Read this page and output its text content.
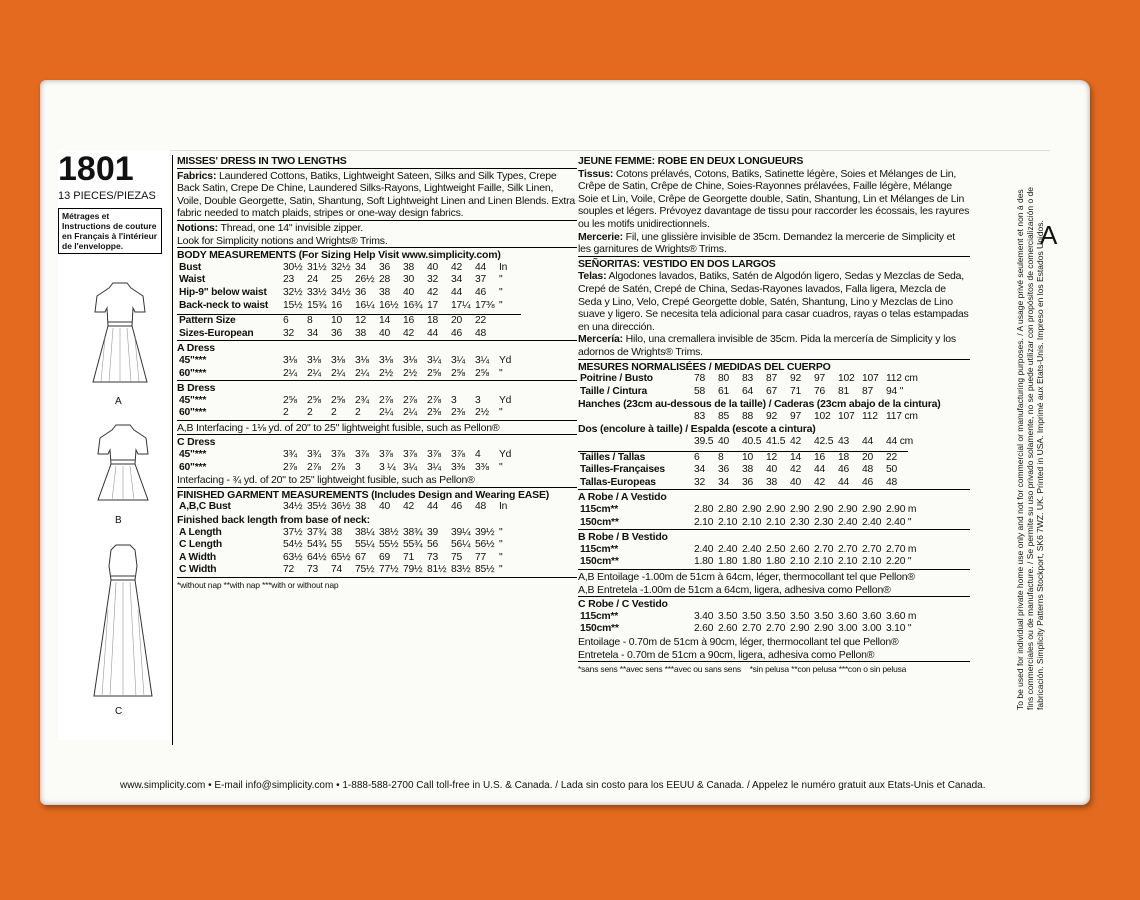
1801

13 PIECES/PIEZAS
Métrages et Instructions de couture en Français à l'intérieur de l'enveloppe.
A
B
C

MISSES' DRESS IN TWO LENGTHS

Fabrics: Laundered Cottons, Batiks, Lightweight Sateen, Silks and Silk Types, Crepe Back Satin, Crepe De Chine, Laundered Silks-Rayons, Lightweight Faille, Silk Linen, Voile, Double Georgette, Satin, Shantung, Soft Lightweight Linen and Linen Blends. Extra fabric needed to match plaids, stripes or one-way design fabrics.

Notions: Thread, one 14" invisible zipper.

Look for Simplicity notions and Wrights® Trims.

BODY MEASUREMENTS (For Sizing Help Visit www.simplicity.com)

Bust	30½	31½	32½	34	36	38	40	42	44	In
Waist	23	24	25	26½	28	30	32	34	37	"
Hip-9" below waist	32½	33½	34½	36	38	40	42	44	46	"
Back-neck to waist	15½	15¾	16	16¼	16½	16¾	17	17¼	17⅜	"
Pattern Size	6	8	10	12	14	16	18	20	22	
Sizes-European	32	34	36	38	40	42	44	46	48	

A Dress

45"***	3⅛	3⅛	3⅛	3⅛	3⅛	3⅛	3¼	3¼	3¼	Yd
60"***	2¼	2¼	2¼	2¼	2½	2½	2⅝	2⅝	2⅝	"

B Dress

45"***	2⅝	2⅝	2⅝	2¾	2⅞	2⅞	2⅞	3	3	Yd
60"***	2	2	2	2	2¼	2¼	2⅜	2⅜	2½	"

A,B Interfacing - 1⅛ yd. of 20" to 25" lightweight fusible, such as Pellon®

C Dress

45"***	3¾	3¾	3⅞	3⅞	3⅞	3⅞	3⅞	3⅞	4	Yd
60"***	2⅞	2⅞	2⅞	3	3 ¼	3¼	3¼	3⅜	3⅜	"

Interfacing - ¾ yd. of 20" to 25" lightweight fusible, such as Pellon®

FINISHED GARMENT MEASUREMENTS (Includes Design and Wearing EASE)

A,B,C Bust	34½	35½	36½	38	40	42	44	46	48	In

Finished back length from base of neck:

A Length	37½	37¾	38	38¼	38½	38¾	39	39¼	39½	"
C Length	54½	54¾	55	55¼	55½	55¾	56	56¼	56½	"
A Width	63½	64½	65½	67	69	71	73	75	77	"
C Width	72	73	74	75½	77½	79½	81½	83½	85½	"

*without nap **with nap ***with or without nap

JEUNE FEMME: ROBE EN DEUX LONGUEURS

Tissus: Cotons prélavés, Cotons, Batiks, Satinette légère, Soies et Mélanges de Lin, Crêpe de Satin, Crêpe de Chine, Soies-Rayonnes prélavées, Faille légère, Mélange Soie et Lin, Voile, Crêpe de Georgette double, Satin, Shantung, Lin et Mélanges de Lin souples et légers. Prévoyez davantage de tissu pour raccorder les écossais, les rayures ou les motifs unidirectionnels.

Mercerie: Fil, une glissière invisible de 35cm. Demandez la mercerie de Simplicity et les garnitures de Wrights® Trims.

SEÑORITAS: VESTIDO EN DOS LARGOS

Telas: Algodones lavados, Batiks, Satén de Algodón ligero, Sedas y Mezclas de Seda, Crepé de Satén, Crepé de China, Sedas-Rayones lavados, Falla ligera, Mezcla de Seda y Lino, Velo, Crepé Georgette doble, Satén, Shantung, Lino y Mezclas de Lino suave y ligero. Se necesita tela adicional para casar cuadros, rayas o telas estampadas en una dirección.

Mercería: Hilo, una cremallera invisible de 35cm. Pida la mercería de Simplicity y los adornos de Wrights® Trims.

MESURES NORMALISÉES / MEDIDAS DEL CUERPO

Poitrine / Busto	78	80	83	87	92	97	102	107	112 cm
Taille / Cintura	58	61	64	67	71	76	81	87	94 "

Hanches (23cm au-dessous de la taille) / Caderas (23cm abajo de la cintura)

	83	85	88	92	97	102	107	112	117 cm

Dos (encolure à taille) / Espalda (escote a cintura)

	39.5	40	40.5	41.5	42	42.5	43	44	44 cm
Tailles / Tallas	6	8	10	12	14	16	18	20	22
Tailles-Françaises	34	36	38	40	42	44	46	48	50
Tallas-Europeas	32	34	36	38	40	42	44	46	48

A Robe / A Vestido

115cm**	2.80	2.80	2.90	2.90	2.90	2.90	2.90	2.90	2.90 m
150cm**	2.10	2.10	2.10	2.10	2.30	2.30	2.40	2.40	2.40 "

B Robe / B Vestido

115cm**	2.40	2.40	2.40	2.50	2.60	2.70	2.70	2.70	2.70 m
150cm**	1.80	1.80	1.80	1.80	2.10	2.10	2.10	2.10	2.20 "

A,B Entoilage -1.00m de 51cm à 64cm, léger, thermocollant tel que Pellon®

A,B Entretela -1.00m de 51cm a 64cm, ligera, adhesiva como Pellon®

C Robe / C Vestido

115cm**	3.40	3.50	3.50	3.50	3.50	3.50	3.60	3.60	3.60 m
150cm**	2.60	2.60	2.70	2.70	2.90	2.90	3.00	3.00	3.10 "

Entoilage - 0.70m de 51cm à 90cm, léger, thermocollant tel que Pellon®

Entretela - 0.70m de 51cm a 90cm, ligera, adhesiva como Pellon®

*sans sens **avec sens ***avec ou sans sens *sin pelusa **con pelusa ***con o sin pelusa

www.simplicity.com • E-mail info@simplicity.com • 1-888-588-2700 Call toll-free in U.S. & Canada. / Lada sin costo para los EEUU & Canada. / Appelez le numéro gratuit aux Etats-Unis et Canada.
To be used for individual private home use only and not for commercial or manufacturing purposes. / A usage privé seulement et non à des fins commerciales ou de manufacture. / Se permite su uso privado solamente, no se puede utilizar con propósitos de comercialización o de fabricación. Simplicity Patterns Stockport, SK6 7WZ. UK. Printed in USA. Imprimé aux Etats-Unis. Impreso en los Estados Unidos.
A
